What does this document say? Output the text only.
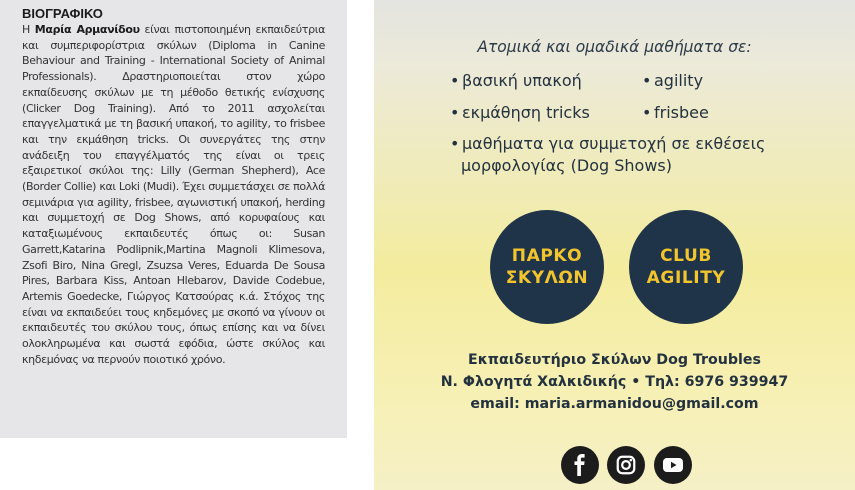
ΒΙΟΓΡΑΦΙΚΟ
Η Μαρία Αρμανίδου είναι πιστοποιημένη εκπαιδεύτρια και συμπεριφορίστρια σκύλων (Diploma in Canine Behaviour and Training - International Society of Animal Professionals). Δραστηριοποιείται στον χώρο εκπαίδευσης σκύλων με τη μέθοδο θετικής ενίσχυσης (Clicker Dog Training). Από το 2011 ασχολείται επαγγελματικά με τη βασική υπακοή, το agility, το frisbee και την εκμάθηση tricks. Οι συνεργάτες της στην ανάδειξη του επαγγέλματός της είναι οι τρεις εξαιρετικοί σκύλοι της: Lilly (German Shepherd), Ace (Border Collie) και Loki (Mudi). Έχει συμμετάσχει σε πολλά σεμινάρια για agility, frisbee, αγωνιστική υπακοή, herding και συμμετοχή σε Dog Shows, από κορυφαίους και καταξιωμένους εκπαιδευτές όπως οι: Susan Garrett,Katarina Podlipnik,Martina Magnoli Klimesova, Zsofi Biro, Nina Gregl, Zsuzsa Veres, Eduarda De Sousa Pires, Barbara Kiss, Antoan Hlebarov, Davide Codebue, Artemis Goedecke, Γιώργος Κατσούρας κ.ά. Στόχος της είναι να εκπαιδεύει τους κηδεμόνες με σκοπό να γίνουν οι εκπαιδευτές του σκύλου τους, όπως επίσης και να δίνει ολοκληρωμένα και σωστά εφόδια, ώστε σκύλος και κηδεμόνας να περνούν ποιοτικό χρόνο.
Ατομικά και ομαδικά μαθήματα σε:
• βασική υπακοή	• agility
• εκμάθηση tricks	• frisbee
• μαθήματα για συμμετοχή σε εκθέσεις
μορφολογίας (Dog Shows)
ΠΑΡΚΟ
ΣΚΥΛΩΝ
CLUB
AGILITY
Εκπαιδευτήριο Σκύλων Dog Troubles
Ν. Φλογητά Χαλκιδικής • Τηλ: 6976 939947
email: maria.armanidou@gmail.com
